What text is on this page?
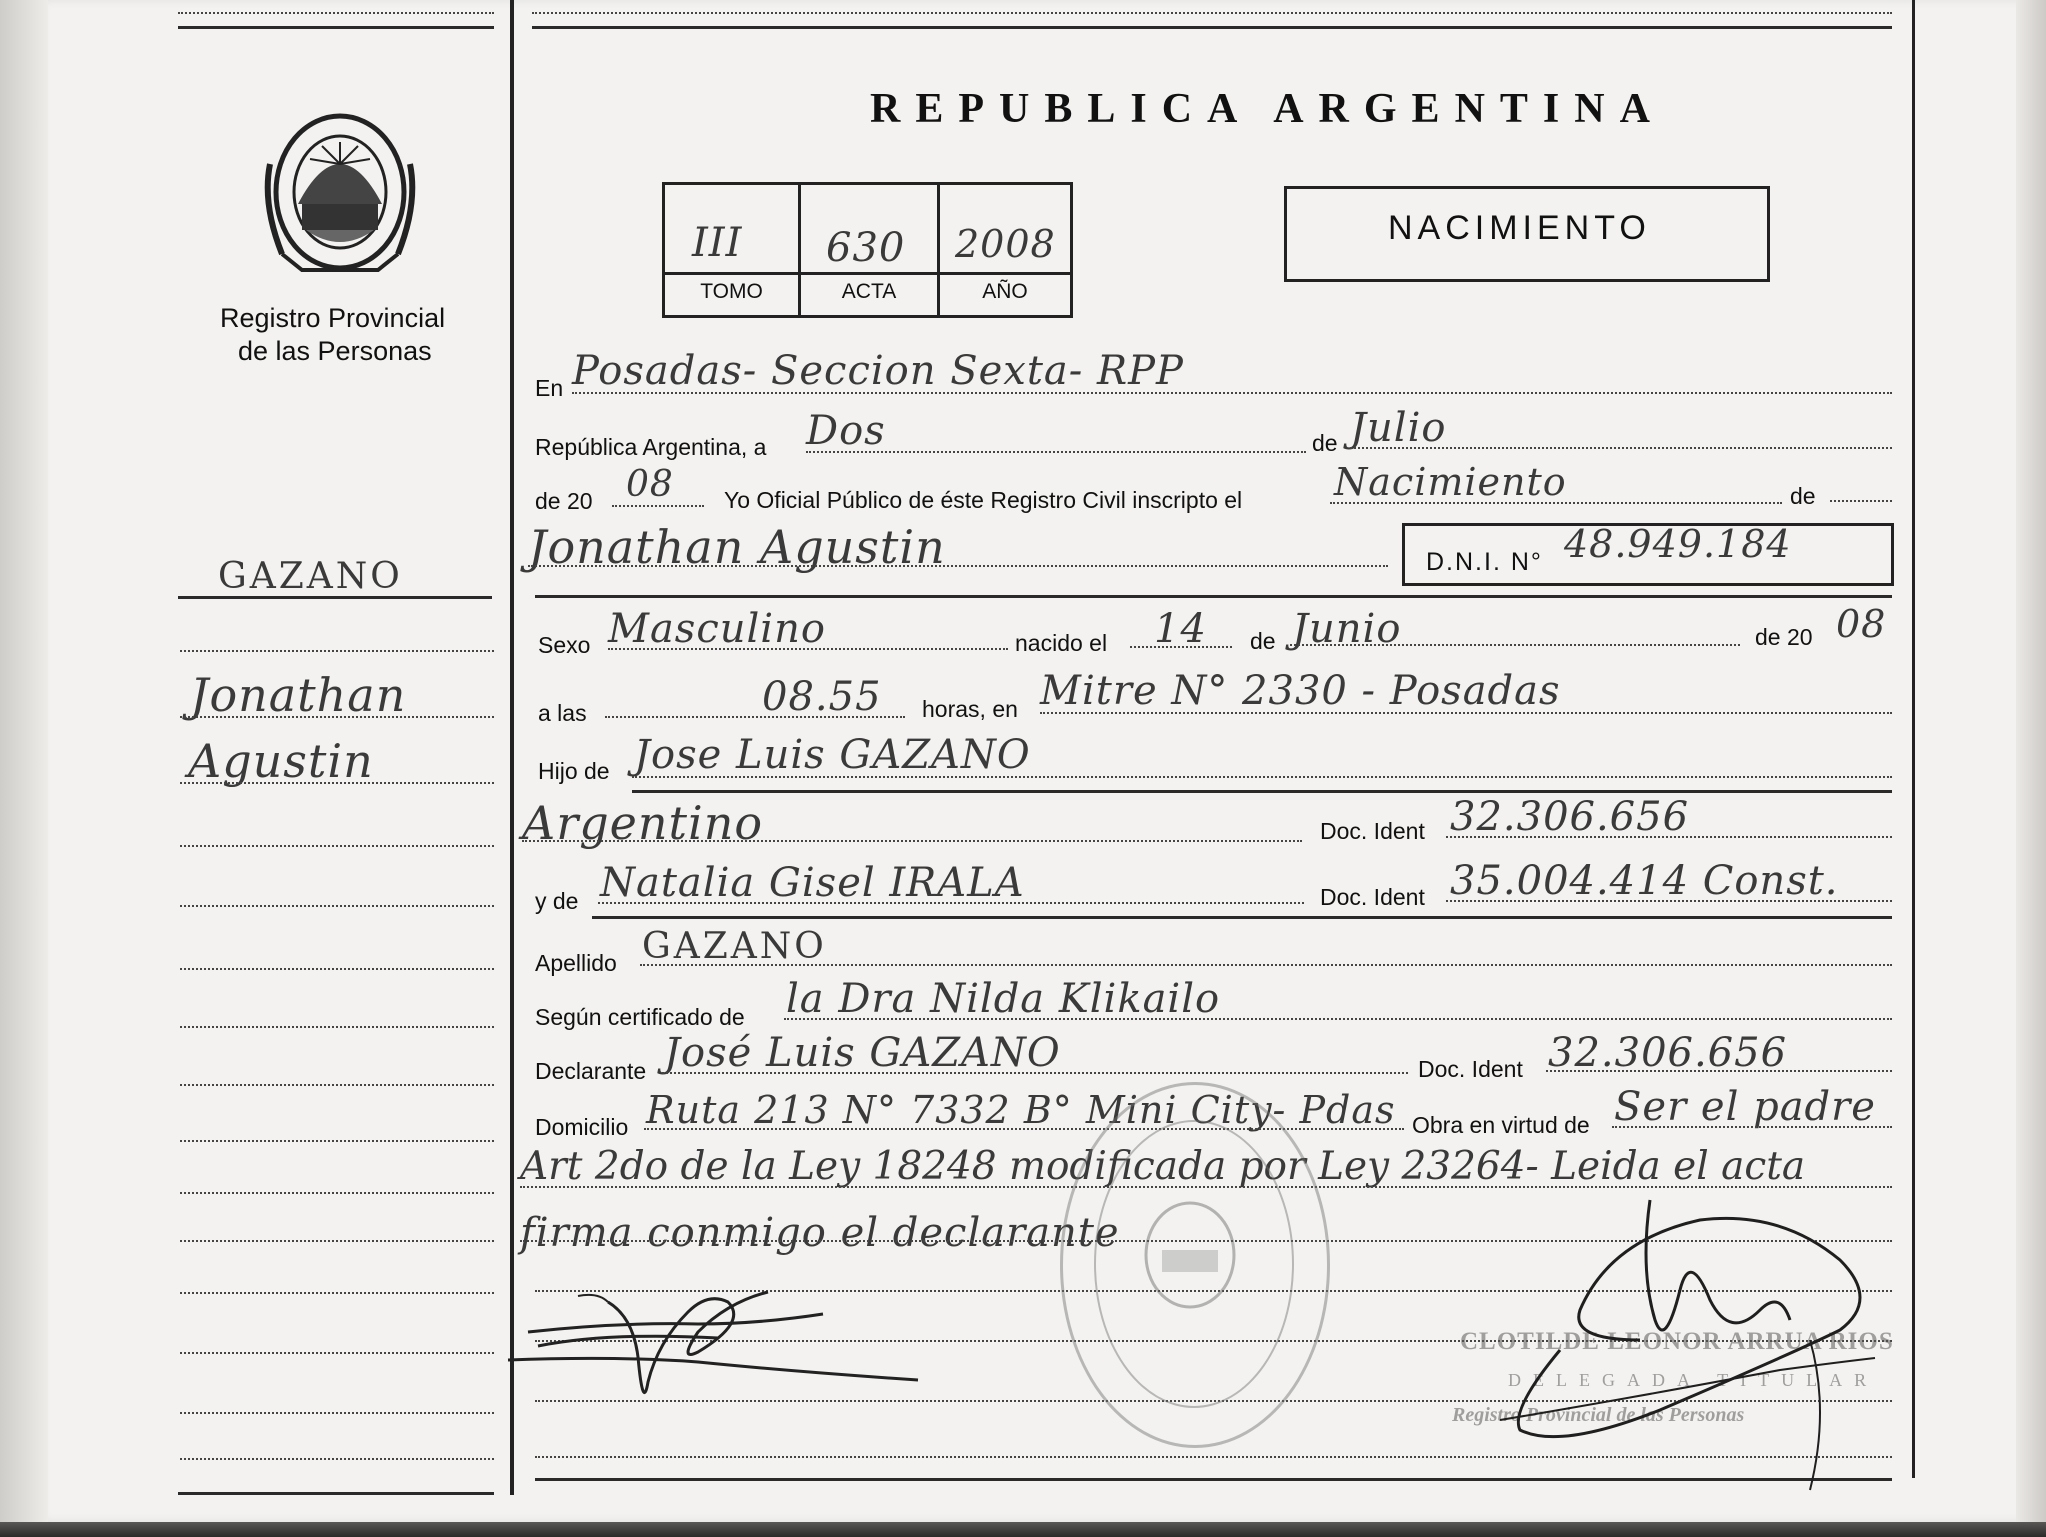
Registro Provincial
de las Personas
REPUBLICA ARGENTINA
III 630 2008
TOMO	ACTA	AÑO
NACIMIENTO
GAZANO
Jonathan
Agustin
En Posadas- Seccion Sexta- RPP
República Argentina, a Dos	de Julio
de 20 08 Yo Oficial Público de éste Registro Civil inscripto el Nacimiento	de
Jonathan Agustin	D.N.I. N° 48.949.184
Sexo Masculino	nacido el 14 de Junio	de 20 08
a las	08.55 horas, en Mitre N° 2330 - Posadas
Hijo de Jose Luis GAZANO
Argentino	Doc. Ident 32.306.656
y de Natalia Gisel IRALA	Doc. Ident 35.004.414 Const.
Apellido GAZANO
Según certificado de la Dra Nilda Klikailo
Declarante José Luis GAZANO	Doc. Ident 32.306.656
Domicilio Ruta 213 N° 7332 B° Mini City- Pdas Obra en virtud de Ser el padre
Art 2do de la Ley 18248 modificada por Ley 23264- Leida el acta
firma conmigo el declarante
CLOTILDE LEONOR ARRUA RIOS
DELEGADA TITULAR
Registro Provincial de las Personas
